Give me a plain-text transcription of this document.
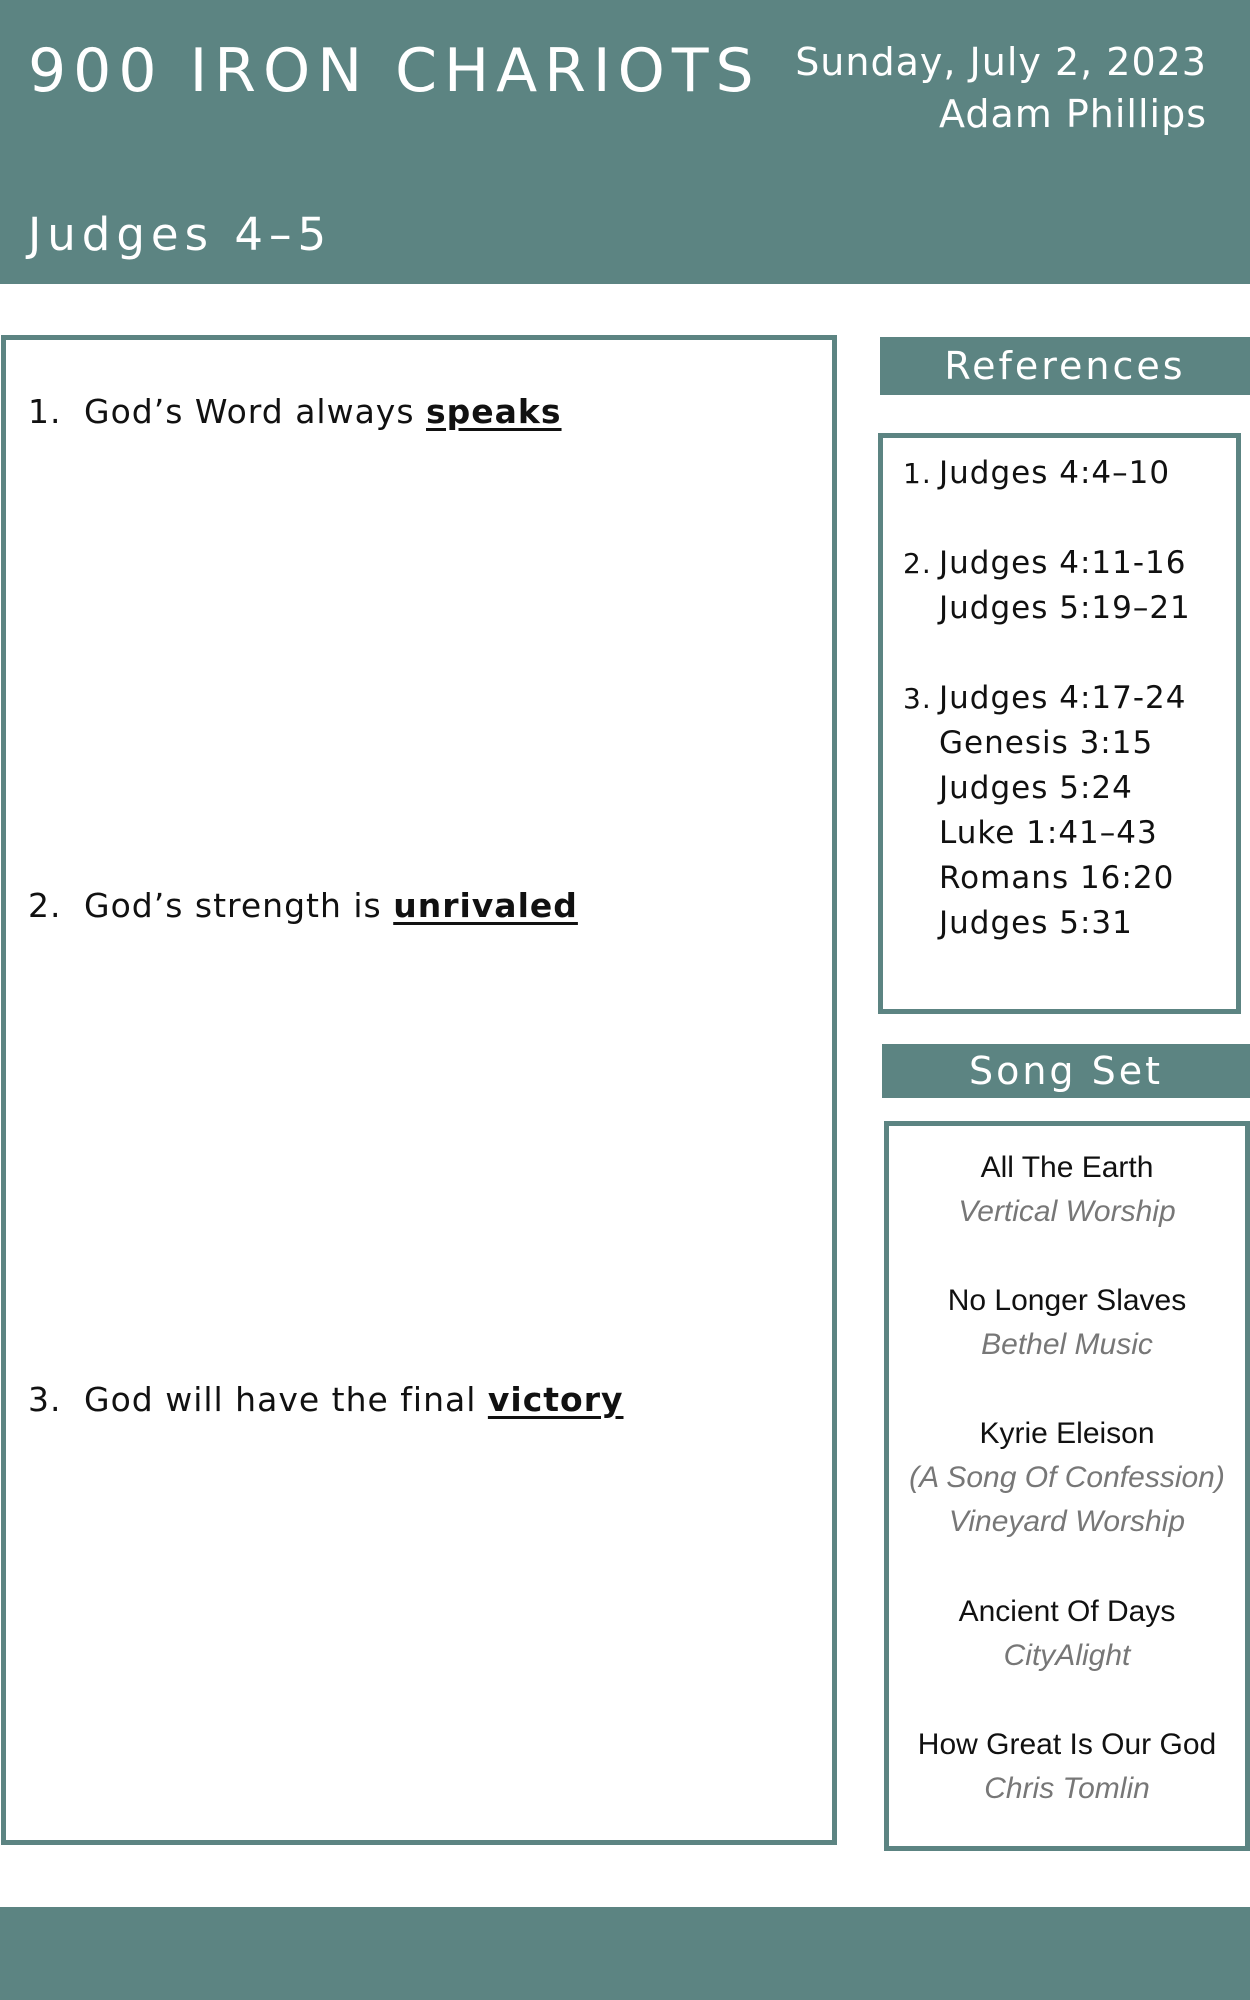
900 IRON CHARIOTS Sunday, July 2, 2023
Adam Phillips
Judges 4–5
1. God’s Word always speaks
2. God’s strength is unrivaled
3. God will have the final victory
References
1. Judges 4:4–10
2. Judges 4:11-16
Judges 5:19–21
3. Judges 4:17-24
Genesis 3:15
Judges 5:24
Luke 1:41–43
Romans 16:20
Judges 5:31
Song Set
All The Earth
Vertical Worship
No Longer Slaves
Bethel Music
Kyrie Eleison
(A Song Of Confession)
Vineyard Worship
Ancient Of Days
CityAlight
How Great Is Our God
Chris Tomlin
